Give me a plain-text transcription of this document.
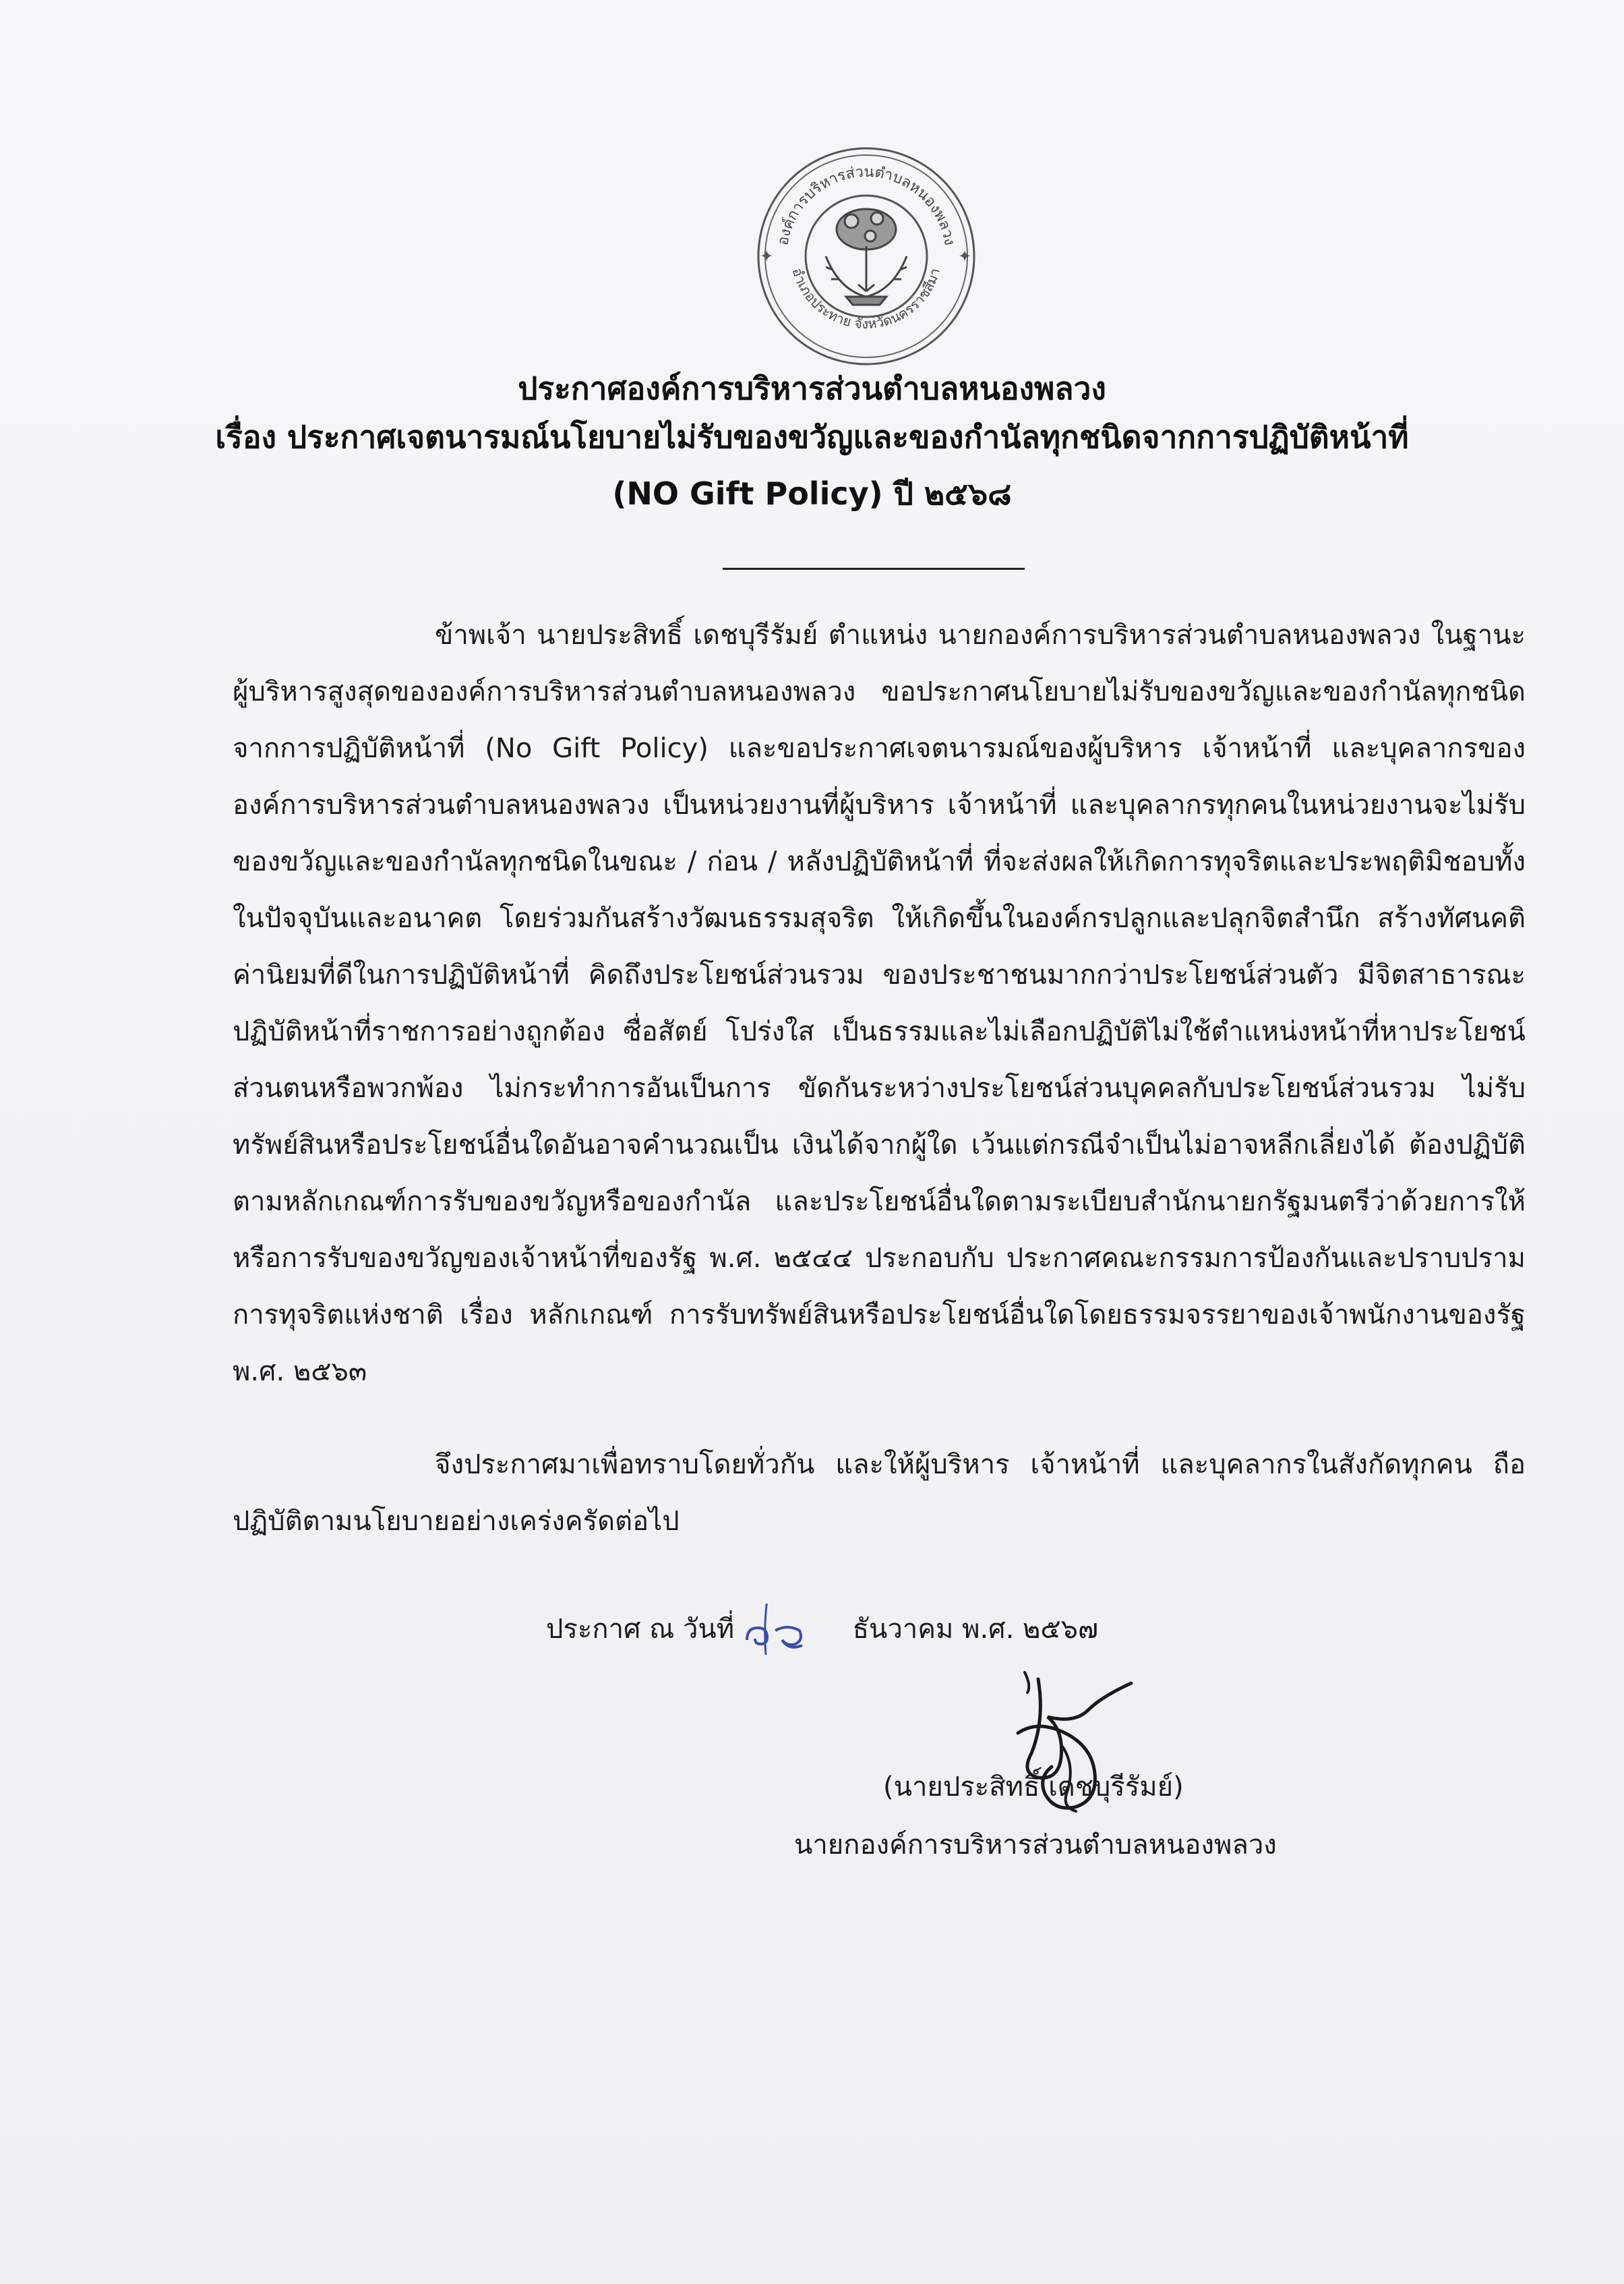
องค์การบริหารส่วนตำบลหนองพลวง
อำเภอประทาย จังหวัดนครราชสีมา
✦	✦
ประกาศองค์การบริหารส่วนตำบลหนองพลวง
เรื่อง ประกาศเจตนารมณ์นโยบายไม่รับของขวัญและของกำนัลทุกชนิดจากการปฏิบัติหน้าที่
(NO Gift Policy) ปี ๒๕๖๘
ข้าพเจ้า นายประสิทธิ์ เดชบุรีรัมย์ ตำแหน่ง นายกองค์การบริหารส่วนตำบลหนองพลวง ในฐานะผู้บริหารสูงสุดขององค์การบริหารส่วนตำบลหนองพลวง ขอประกาศนโยบายไม่รับของขวัญและของกำนัลทุกชนิดจากการปฏิบัติหน้าที่ (No Gift Policy) และขอประกาศเจตนารมณ์ของผู้บริหาร เจ้าหน้าที่ และบุคลากรขององค์การบริหารส่วนตำบลหนองพลวง เป็นหน่วยงานที่ผู้บริหาร เจ้าหน้าที่ และบุคลากรทุกคนในหน่วยงานจะไม่รับของขวัญและของกำนัลทุกชนิดในขณะ / ก่อน / หลังปฏิบัติหน้าที่ ที่จะส่งผลให้เกิดการทุจริตและประพฤติมิชอบทั้งในปัจจุบันและอนาคต โดยร่วมกันสร้างวัฒนธรรมสุจริต ให้เกิดขึ้นในองค์กรปลูกและปลุกจิตสำนึก สร้างทัศนคติ ค่านิยมที่ดีในการปฏิบัติหน้าที่ คิดถึงประโยชน์ส่วนรวม ของประชาชนมากกว่าประโยชน์ส่วนตัว มีจิตสาธารณะ ปฏิบัติหน้าที่ราชการอย่างถูกต้อง ซื่อสัตย์ โปร่งใส เป็นธรรมและไม่เลือกปฏิบัติไม่ใช้ตำแหน่งหน้าที่หาประโยชน์ส่วนตนหรือพวกพ้อง ไม่กระทำการอันเป็นการ ขัดกันระหว่างประโยชน์ส่วนบุคคลกับประโยชน์ส่วนรวม ไม่รับทรัพย์สินหรือประโยชน์อื่นใดอันอาจคำนวณเป็น เงินได้จากผู้ใด เว้นแต่กรณีจำเป็นไม่อาจหลีกเลี่ยงได้ ต้องปฏิบัติตามหลักเกณฑ์การรับของขวัญหรือของกำนัล และประโยชน์อื่นใดตามระเบียบสำนักนายกรัฐมนตรีว่าด้วยการให้หรือการรับของขวัญของเจ้าหน้าที่ของรัฐ พ.ศ. ๒๕๔๔ ประกอบกับ ประกาศคณะกรรมการป้องกันและปราบปรามการทุจริตแห่งชาติ เรื่อง หลักเกณฑ์ การรับทรัพย์สินหรือประโยชน์อื่นใดโดยธรรมจรรยาของเจ้าพนักงานของรัฐ พ.ศ. ๒๕๖๓
จึงประกาศมาเพื่อทราบโดยทั่วกัน และให้ผู้บริหาร เจ้าหน้าที่ และบุคลากรในสังกัดทุกคน ถือปฏิบัติตามนโยบายอย่างเคร่งครัดต่อไป
ประกาศ ณ วันที่	ธันวาคม พ.ศ. ๒๕๖๗
(นายประสิทธิ์ เดชบุรีรัมย์)
นายกองค์การบริหารส่วนตำบลหนองพลวง
